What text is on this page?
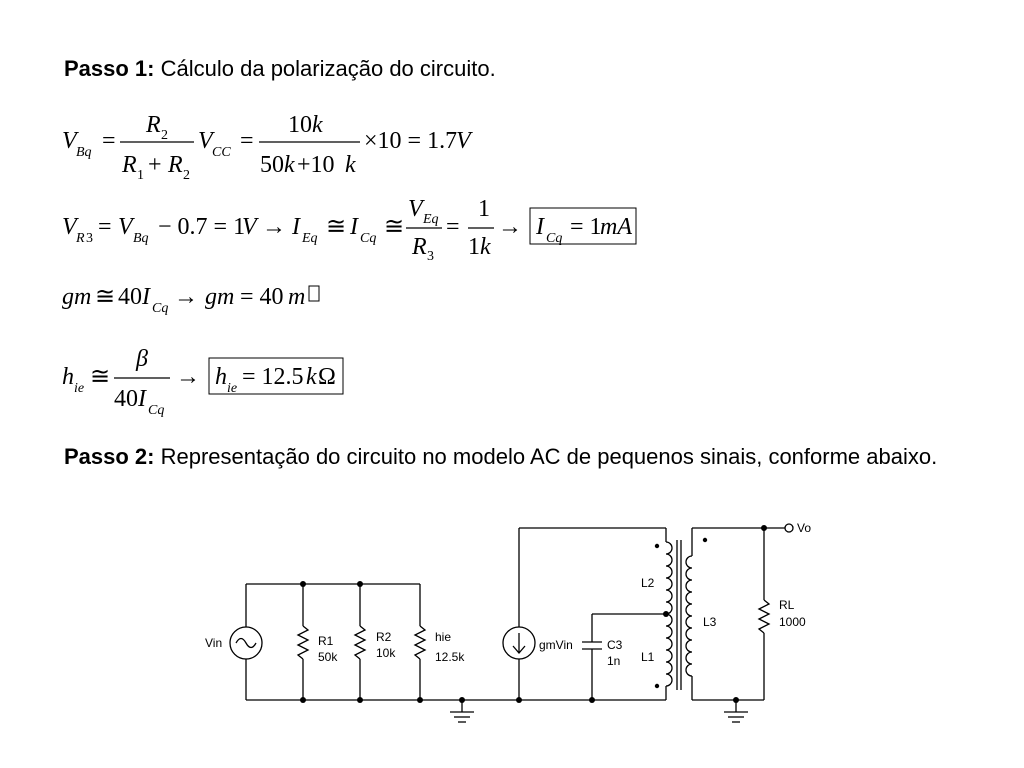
Passo 1: Cálculo da polarização do circuito.
V Bq =
R 2
R 1 + R 2
V CC =
10 k
50 k +10 k
×10 = 1.7
V
V R 3 = V Bq − 0.7 = 1
V → I Eq ≅ I Cq ≅
V Eq
R 3
=
1
1 k
→ I Cq = 1
mA
gm ≅ 40 I Cq → gm = 40 m
h ie ≅
β
40 I Cq
→ h ie = 12.5 k Ω
Passo 2: Representação do circuito no modelo AC de pequenos sinais, conforme abaixo.
Vin	R1
50k
R2
10k
hie
12.5k
gmVin	C3
1n
L2
L1
L3
RL
1000
Vo
